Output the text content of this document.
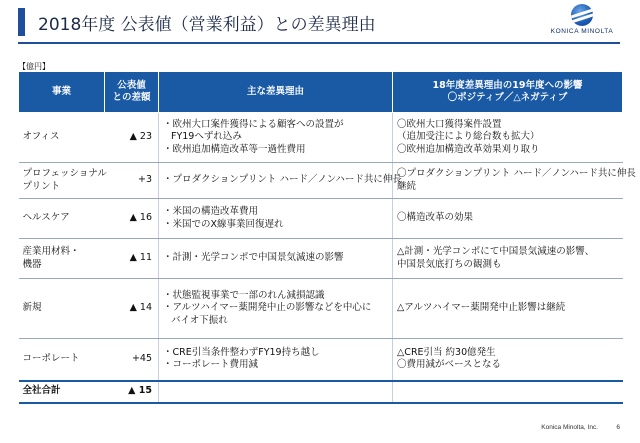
2018年度 公表値（営業利益）との差異理由	KONICA MINOLTA
【億円】
事業	公表値
との差額	主な差異理由	18年度差異理由の19年度への影響
〇ポジティブ／△ネガティブ

オフィス	▲ 23	・欧州大口案件獲得による顧客への設置が
FY19へずれ込み
・欧州追加構造改革等一過性費用	〇欧州大口獲得案件設置
（追加受注により総台数も拡大）
〇欧州追加構造改革効果刈り取り

プロフェッショナル
プリント	+3	・プロダクションプリント ハード／ノンハード共に伸長	〇プロダクションプリント ハード／ノンハード共に伸長
継続

ヘルスケア	▲ 16	・米国の構造改革費用
・米国でのX線事業回復遅れ	〇構造改革の効果

産業用材料・
機器	▲ 11	・計測・光学コンポで中国景気減速の影響	△計測・光学コンポにて中国景気減速の影響、
中国景気底打ちの観測も

新規	▲ 14	・状態監視事業で一部のれん減損認識
・アルツハイマー薬開発中止の影響などを中心に
バイオ下振れ	△アルツハイマー薬開発中止影響は継続

コーポレート	+45	・CRE引当条件整わずFY19持ち越し
・コーポレート費用減	△CRE引当 約30億発生
〇費用減がベースとなる

全社合計	▲ 15		
Konica Minolta, Inc.	6
